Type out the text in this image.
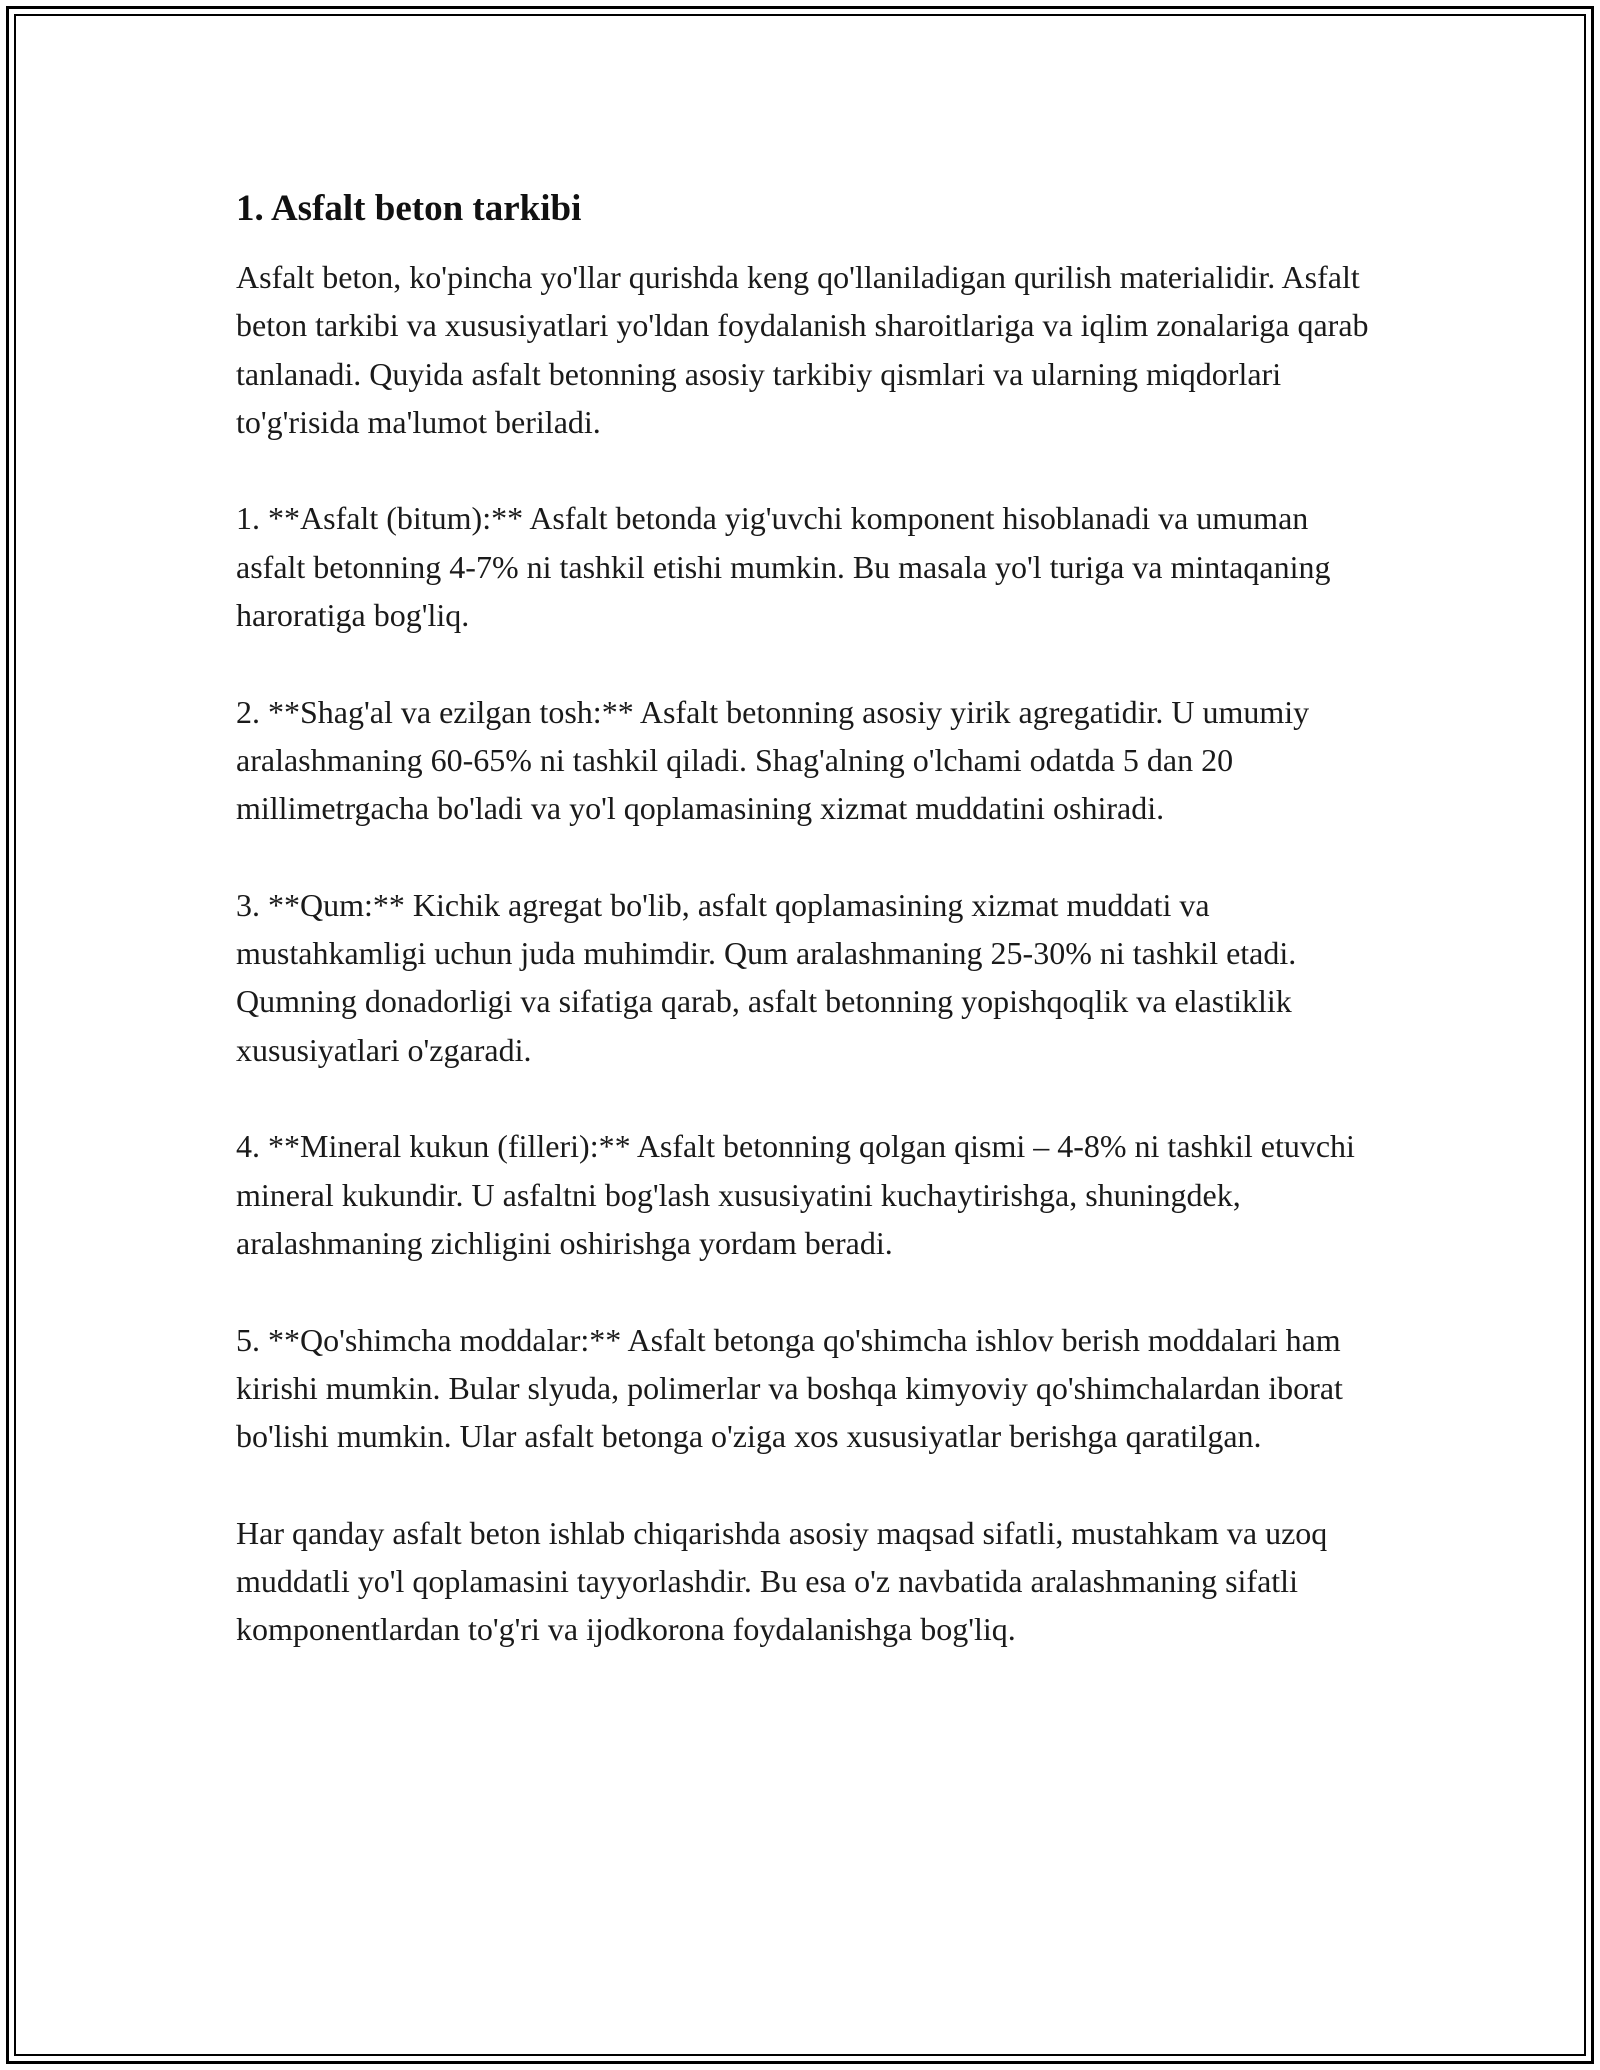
1. Asfalt beton tarkibi

Asfalt beton, ko'pincha yo'llar qurishda keng qo'llaniladigan qurilish materialidir. Asfalt beton tarkibi va xususiyatlari yo'ldan foydalanish sharoitlariga va iqlim zonalariga qarab tanlanadi. Quyida asfalt betonning asosiy tarkibiy qismlari va ularning miqdorlari to'g'risida ma'lumot beriladi.

1. **Asfalt (bitum):** Asfalt betonda yig'uvchi komponent hisoblanadi va umuman asfalt betonning 4-7% ni tashkil etishi mumkin. Bu masala yo'l turiga va mintaqaning haroratiga bog'liq.

2. **Shag'al va ezilgan tosh:** Asfalt betonning asosiy yirik agregatidir. U umumiy aralashmaning 60-65% ni tashkil qiladi. Shag'alning o'lchami odatda 5 dan 20 millimetrgacha bo'ladi va yo'l qoplamasining xizmat muddatini oshiradi.

3. **Qum:** Kichik agregat bo'lib, asfalt qoplamasining xizmat muddati va mustahkamligi uchun juda muhimdir. Qum aralashmaning 25-30% ni tashkil etadi. Qumning donadorligi va sifatiga qarab, asfalt betonning yopishqoqlik va elastiklik xususiyatlari o'zgaradi.

4. **Mineral kukun (filleri):** Asfalt betonning qolgan qismi – 4-8% ni tashkil etuvchi mineral kukundir. U asfaltni bog'lash xususiyatini kuchaytirishga, shuningdek, aralashmaning zichligini oshirishga yordam beradi.

5. **Qo'shimcha moddalar:** Asfalt betonga qo'shimcha ishlov berish moddalari ham kirishi mumkin. Bular slyuda, polimerlar va boshqa kimyoviy qo'shimchalardan iborat bo'lishi mumkin. Ular asfalt betonga o'ziga xos xususiyatlar berishga qaratilgan.

Har qanday asfalt beton ishlab chiqarishda asosiy maqsad sifatli, mustahkam va uzoq muddatli yo'l qoplamasini tayyorlashdir. Bu esa o'z navbatida aralashmaning sifatli komponentlardan to'g'ri va ijodkorona foydalanishga bog'liq.
